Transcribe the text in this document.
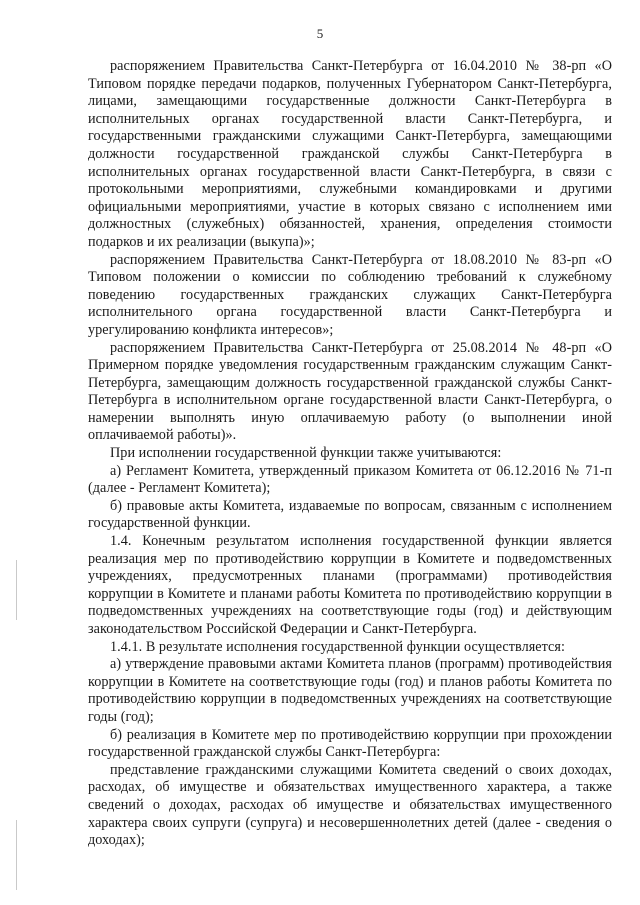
5

распоряжением Правительства Санкт-Петербурга от 16.04.2010 № 38-рп «О Типовом порядке передачи подарков, полученных Губернатором Санкт-Петербурга, лицами, замещающими государственные должности Санкт-Петербурга в исполнительных органах государственной власти Санкт-Петербурга, и государственными гражданскими служащими Санкт-Петербурга, замещающими должности государственной гражданской службы Санкт-Петербурга в исполнительных органах государственной власти Санкт-Петербурга, в связи с протокольными мероприятиями, служебными командировками и другими официальными мероприятиями, участие в которых связано с исполнением ими должностных (служебных) обязанностей, хранения, определения стоимости подарков и их реализации (выкупа)»;

распоряжением Правительства Санкт-Петербурга от 18.08.2010 № 83-рп «О Типовом положении о комиссии по соблюдению требований к служебному поведению государственных гражданских служащих Санкт-Петербурга исполнительного органа государственной власти Санкт-Петербурга и урегулированию конфликта интересов»;

распоряжением Правительства Санкт-Петербурга от 25.08.2014 № 48-рп «О Примерном порядке уведомления государственным гражданским служащим Санкт-Петербурга, замещающим должность государственной гражданской службы Санкт-Петербурга в исполнительном органе государственной власти Санкт-Петербурга, о намерении выполнять иную оплачиваемую работу (о выполнении иной оплачиваемой работы)».

При исполнении государственной функции также учитываются:

а) Регламент Комитета, утвержденный приказом Комитета от 06.12.2016 № 71-п (далее - Регламент Комитета);

б) правовые акты Комитета, издаваемые по вопросам, связанным с исполнением государственной функции.

1.4. Конечным результатом исполнения государственной функции является реализация мер по противодействию коррупции в Комитете и подведомственных учреждениях, предусмотренных планами (программами) противодействия коррупции в Комитете и планами работы Комитета по противодействию коррупции в подведомственных учреждениях на соответствующие годы (год) и действующим законодательством Российской Федерации и Санкт-Петербурга.

1.4.1. В результате исполнения государственной функции осуществляется:

а) утверждение правовыми актами Комитета планов (программ) противодействия коррупции в Комитете на соответствующие годы (год) и планов работы Комитета по противодействию коррупции в подведомственных учреждениях на соответствующие годы (год);

б) реализация в Комитете мер по противодействию коррупции при прохождении государственной гражданской службы Санкт-Петербурга:

представление гражданскими служащими Комитета сведений о своих доходах, расходах, об имуществе и обязательствах имущественного характера, а также сведений о доходах, расходах об имуществе и обязательствах имущественного характера своих супруги (супруга) и несовершеннолетних детей (далее - сведения о доходах);
